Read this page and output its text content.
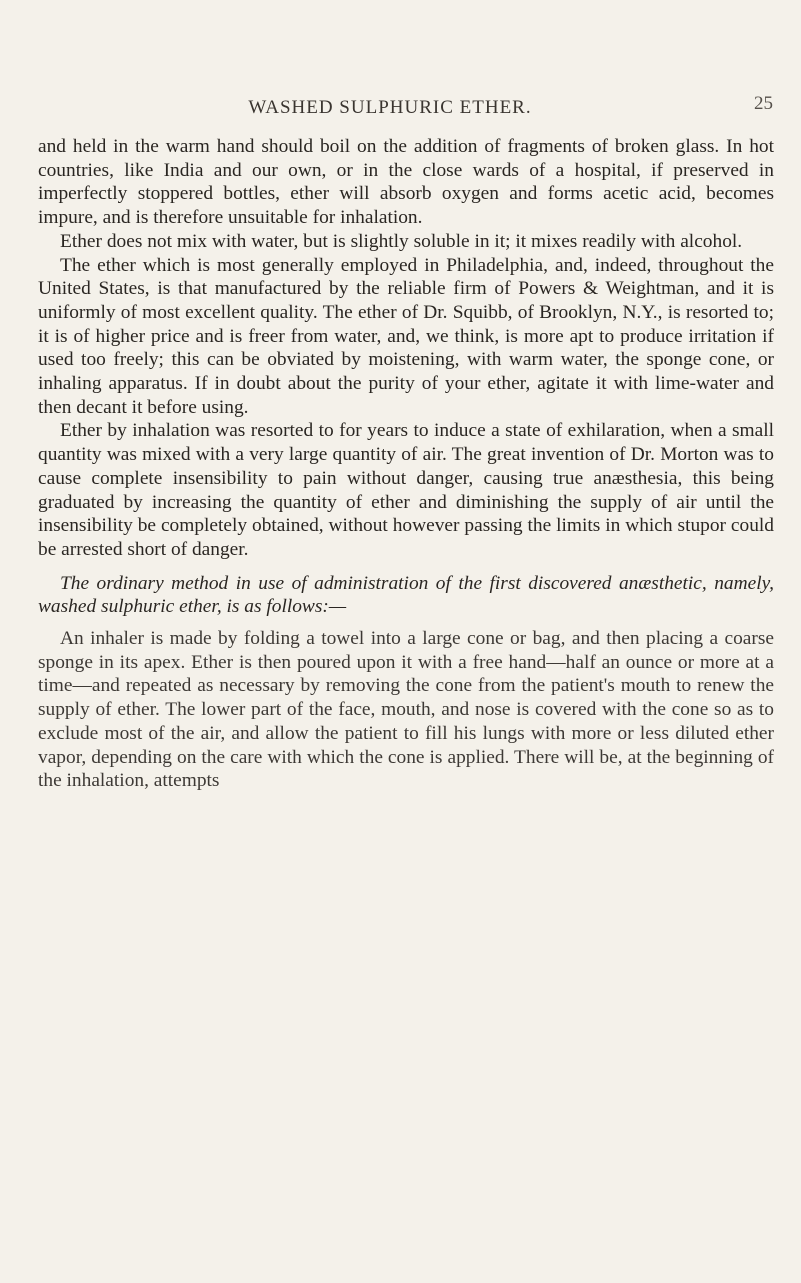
WASHED SULPHURIC ETHER.	25

and held in the warm hand should boil on the addition of fragments of broken glass. In hot countries, like India and our own, or in the close wards of a hospital, if preserved in imperfectly stoppered bottles, ether will absorb oxygen and forms acetic acid, becomes impure, and is therefore unsuitable for inhalation.

Ether does not mix with water, but is slightly soluble in it; it mixes readily with alcohol.

The ether which is most generally employed in Philadelphia, and, indeed, throughout the United States, is that manufactured by the reliable firm of Powers & Weightman, and it is uniformly of most excellent quality. The ether of Dr. Squibb, of Brooklyn, N.Y., is resorted to; it is of higher price and is freer from water, and, we think, is more apt to produce irritation if used too freely; this can be obviated by moistening, with warm water, the sponge cone, or inhaling apparatus. If in doubt about the purity of your ether, agitate it with lime-water and then decant it before using.

Ether by inhalation was resorted to for years to induce a state of exhilaration, when a small quantity was mixed with a very large quantity of air. The great invention of Dr. Morton was to cause complete insensibility to pain without danger, causing true anæsthesia, this being graduated by increasing the quantity of ether and diminishing the supply of air until the insensibility be completely obtained, without however passing the limits in which stupor could be arrested short of danger.

The ordinary method in use of administration of the first discovered anæsthetic, namely, washed sulphuric ether, is as follows:—

An inhaler is made by folding a towel into a large cone or bag, and then placing a coarse sponge in its apex. Ether is then poured upon it with a free hand—half an ounce or more at a time—and repeated as necessary by removing the cone from the patient's mouth to renew the supply of ether. The lower part of the face, mouth, and nose is covered with the cone so as to exclude most of the air, and allow the patient to fill his lungs with more or less diluted ether vapor, depending on the care with which the cone is applied. There will be, at the beginning of the inhalation, attempts
